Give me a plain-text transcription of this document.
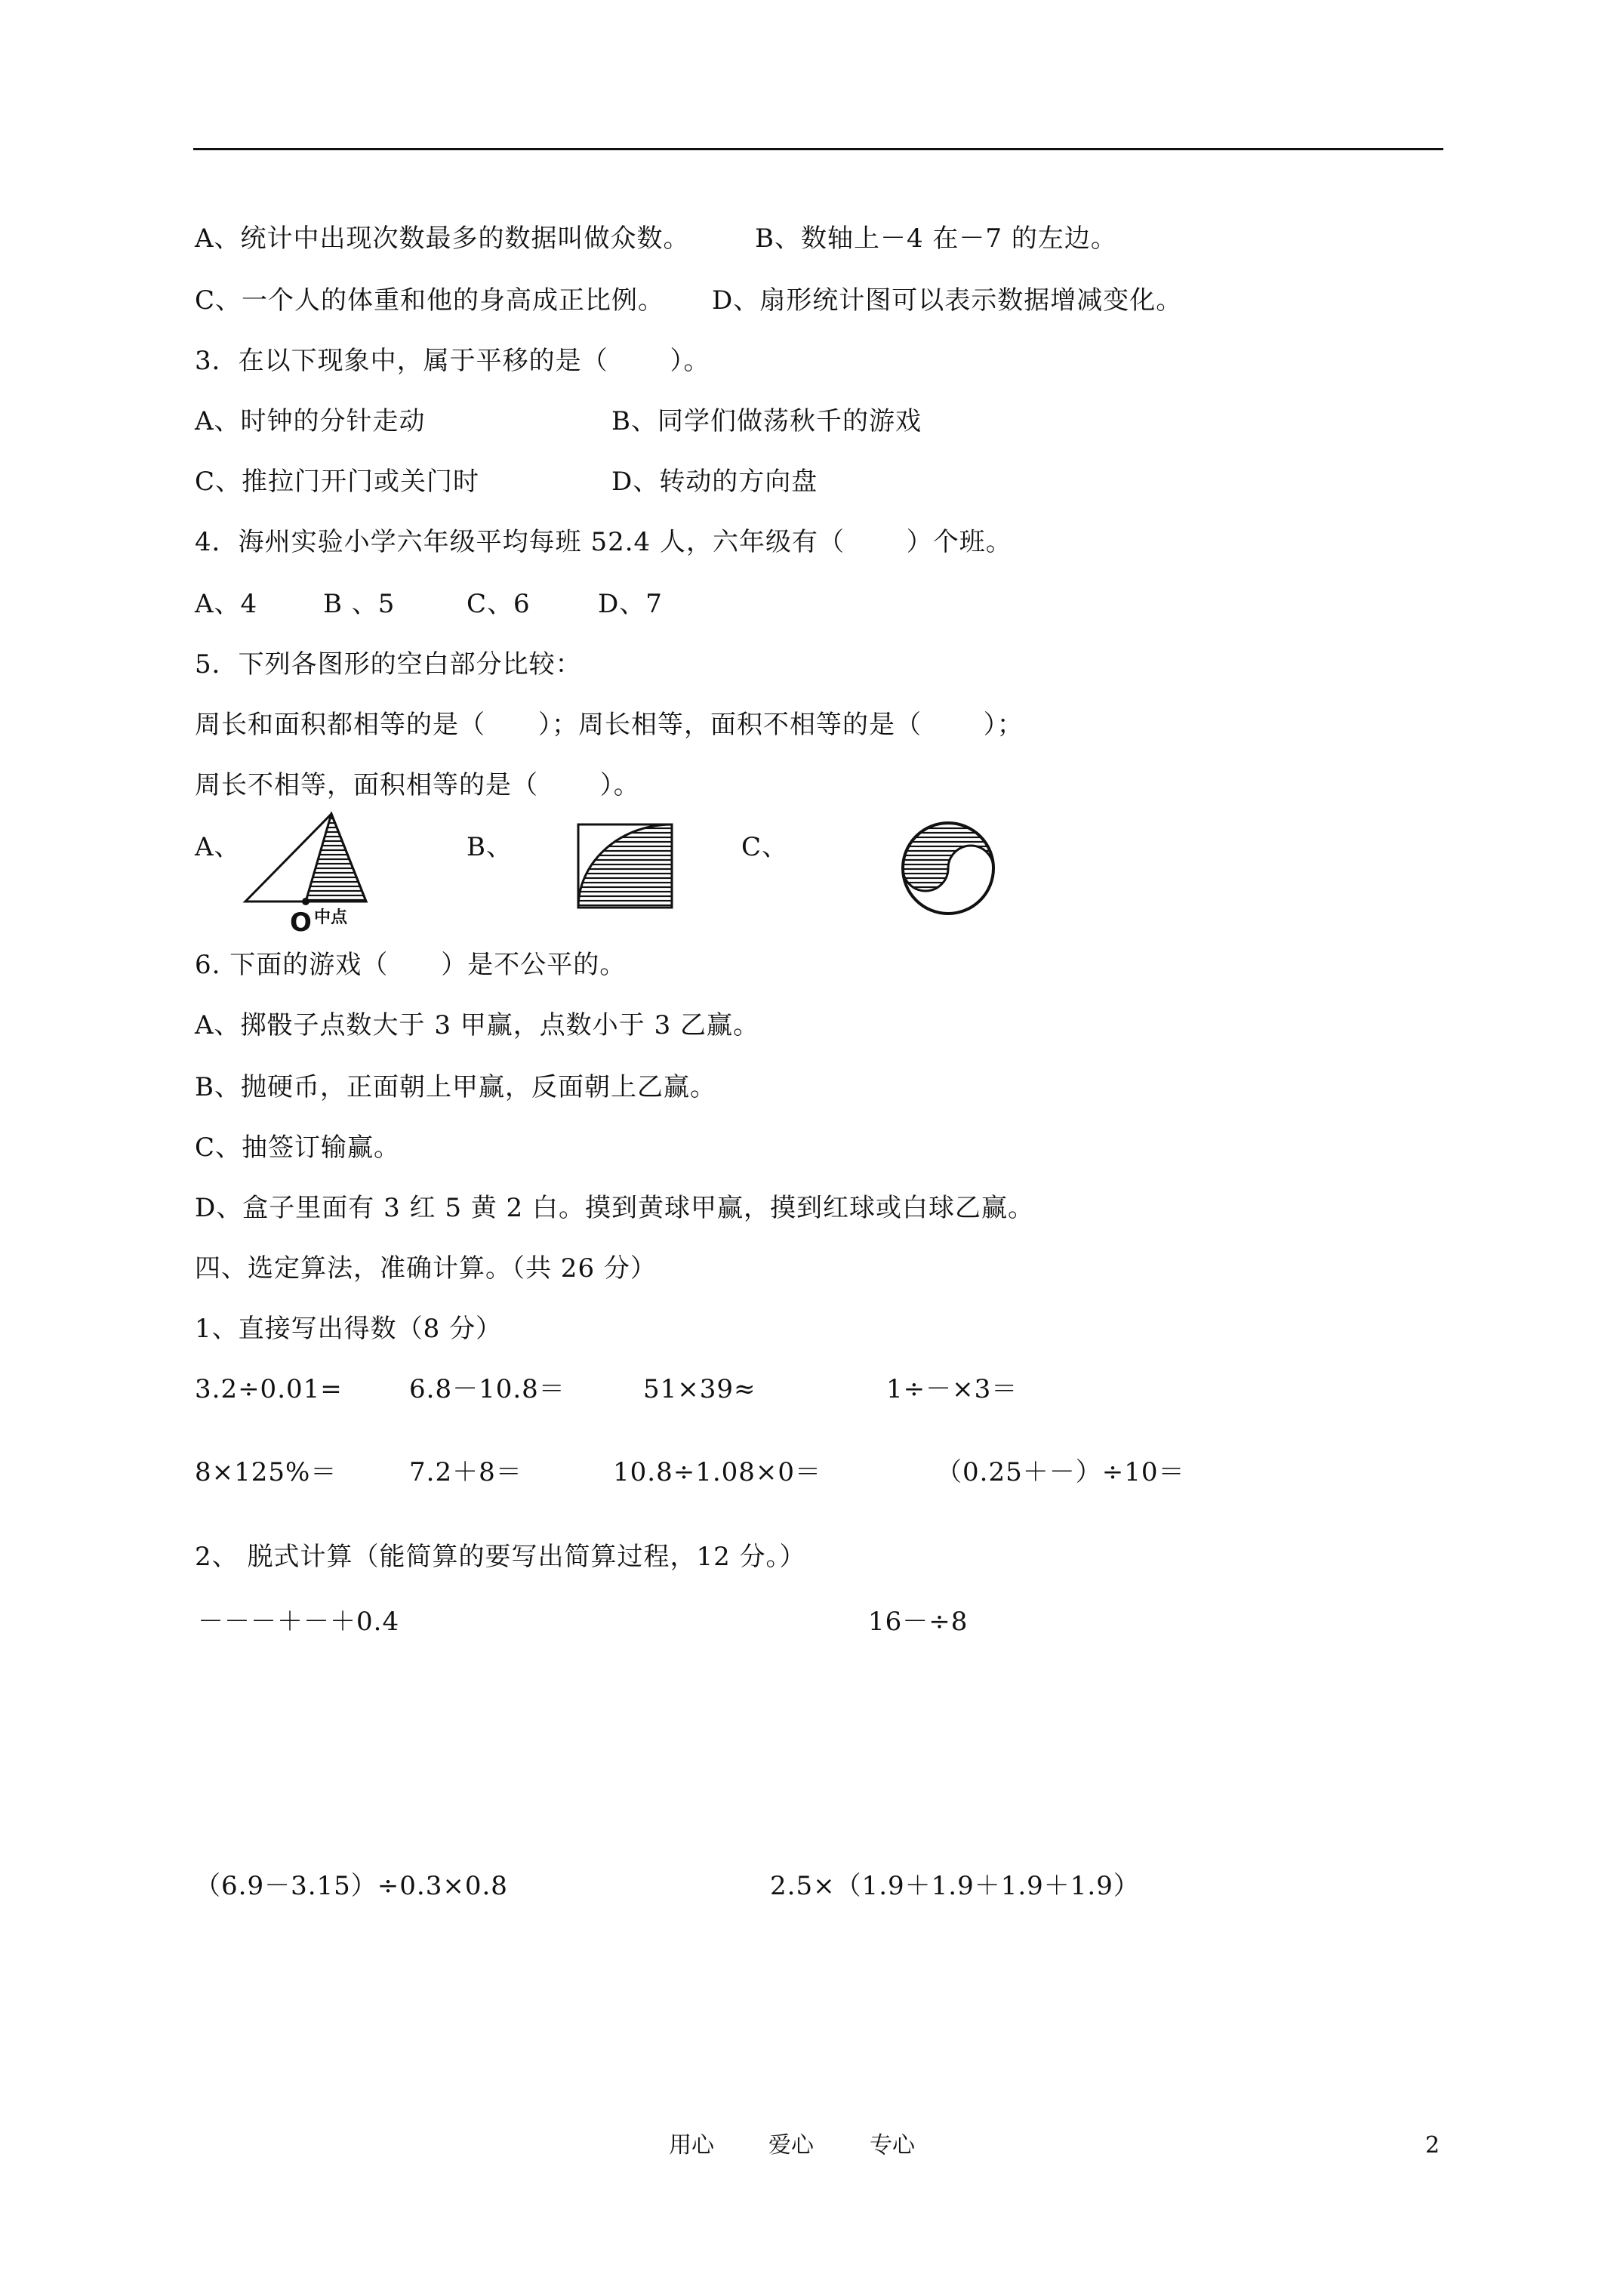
A、统计中出现次数最多的数据叫做众数。	B、数轴上－4 在－7 的左边。
C、一个人的体重和他的身高成正比例。 D、扇形统计图可以表示数据增减变化。
3．在以下现象中，属于平移的是（　　 ）。
A、时钟的分针走动	B、同学们做荡秋千的游戏
C、推拉门开门或关门时	D、转动的方向盘
4．海州实验小学六年级平均每班 52.4 人，六年级有（　　 ）个班。
A、4	B 、5	C、6	D、7
5．下列各图形的空白部分比较：
周长和面积都相等的是（　　）；周长相等，面积不相等的是（　　 ）；
周长不相等，面积相等的是（　　 ）。
A、	B、	C、
O 中点
6. 下面的游戏（　　）是不公平的。
A、掷骰子点数大于 3 甲赢，点数小于 3 乙赢。
B、抛硬币，正面朝上甲赢，反面朝上乙赢。
C、抽签订输赢。
D、盒子里面有 3 红 5 黄 2 白。摸到黄球甲赢，摸到红球或白球乙赢。
四、选定算法，准确计算。（共 26 分）
1、直接写出得数（8 分）
3.2÷0.01=	6.8－10.8＝	51×39≈	1÷－×3＝
8×125%＝	7.2＋8＝	10.8÷1.08×0＝	（0.25＋－）÷10＝
2、 脱式计算（能简算的要写出简算过程，12 分。）
－－－＋－＋0.4	16－÷8
（6.9－3.15）÷0.3×0.8	2.5×（1.9＋1.9＋1.9＋1.9）
用心 爱心 专心	2
